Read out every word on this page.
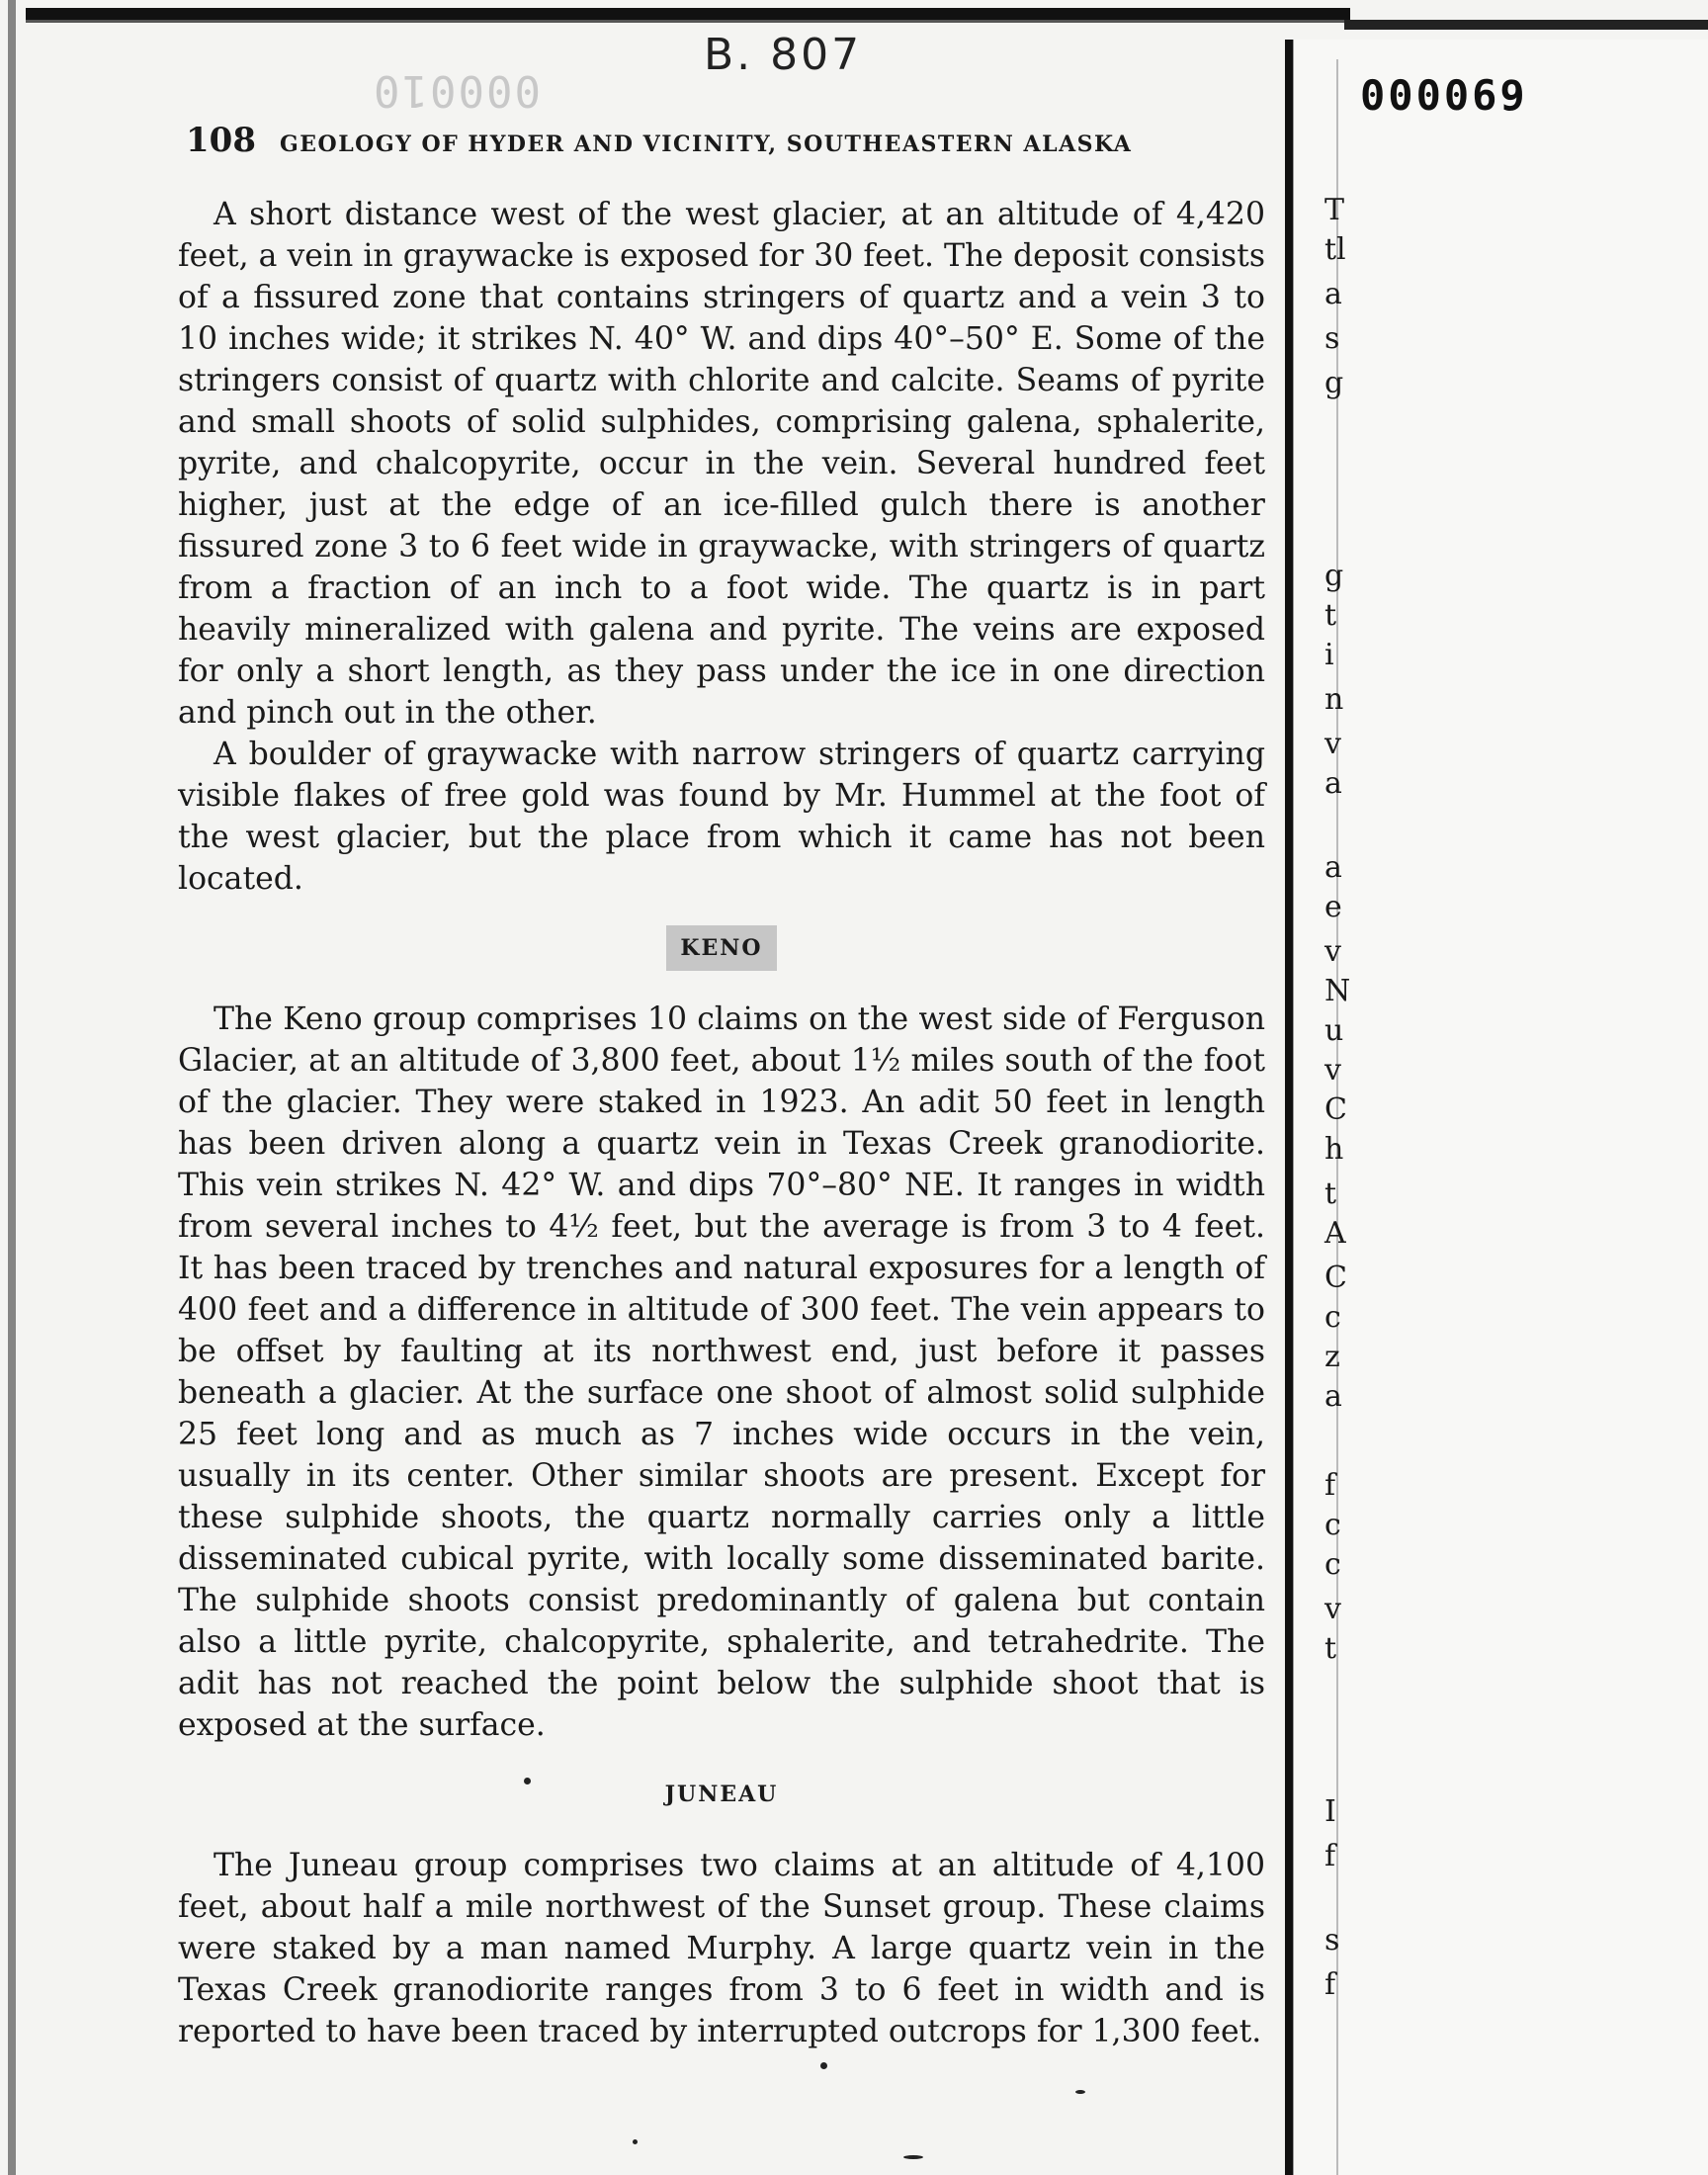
T
tl
a
s
g
g
t
i
n
v
a
a
e
v
N
u
v
C
h
t
A
C
c
z
a
f
c
c
v
t
I
f
s
f
B. 807
000010	000069
108 GEOLOGY OF HYDER AND VICINITY, SOUTHEASTERN ALASKA

A short distance west of the west glacier, at an altitude of 4,420 feet, a vein in graywacke is exposed for 30 feet. The deposit consists of a fissured zone that contains stringers of quartz and a vein 3 to 10 inches wide; it strikes N. 40° W. and dips 40°–50° E. Some of the stringers consist of quartz with chlorite and calcite. Seams of pyrite and small shoots of solid sulphides, comprising galena, sphalerite, pyrite, and chalcopyrite, occur in the vein. Several hundred feet higher, just at the edge of an ice-filled gulch there is another fissured zone 3 to 6 feet wide in graywacke, with stringers of quartz from a fraction of an inch to a foot wide. The quartz is in part heavily mineralized with galena and pyrite. The veins are exposed for only a short length, as they pass under the ice in one direction and pinch out in the other.

A boulder of graywacke with narrow stringers of quartz carrying visible flakes of free gold was found by Mr. Hummel at the foot of the west glacier, but the place from which it came has not been located.

KENO

The Keno group comprises 10 claims on the west side of Ferguson Glacier, at an altitude of 3,800 feet, about 1½ miles south of the foot of the glacier. They were staked in 1923. An adit 50 feet in length has been driven along a quartz vein in Texas Creek granodiorite. This vein strikes N. 42° W. and dips 70°–80° NE. It ranges in width from several inches to 4½ feet, but the average is from 3 to 4 feet. It has been traced by trenches and natural exposures for a length of 400 feet and a difference in altitude of 300 feet. The vein appears to be offset by faulting at its northwest end, just before it passes beneath a glacier. At the surface one shoot of almost solid sulphide 25 feet long and as much as 7 inches wide occurs in the vein, usually in its center. Other similar shoots are present. Except for these sulphide shoots, the quartz normally carries only a little disseminated cubical pyrite, with locally some disseminated barite. The sulphide shoots consist predominantly of galena but contain also a little pyrite, chalcopyrite, sphalerite, and tetrahedrite. The adit has not reached the point below the sulphide shoot that is exposed at the surface.

JUNEAU

The Juneau group comprises two claims at an altitude of 4,100 feet, about half a mile northwest of the Sunset group. These claims were staked by a man named Murphy. A large quartz vein in the Texas Creek granodiorite ranges from 3 to 6 feet in width and is reported to have been traced by interrupted outcrops for 1,300 feet.
